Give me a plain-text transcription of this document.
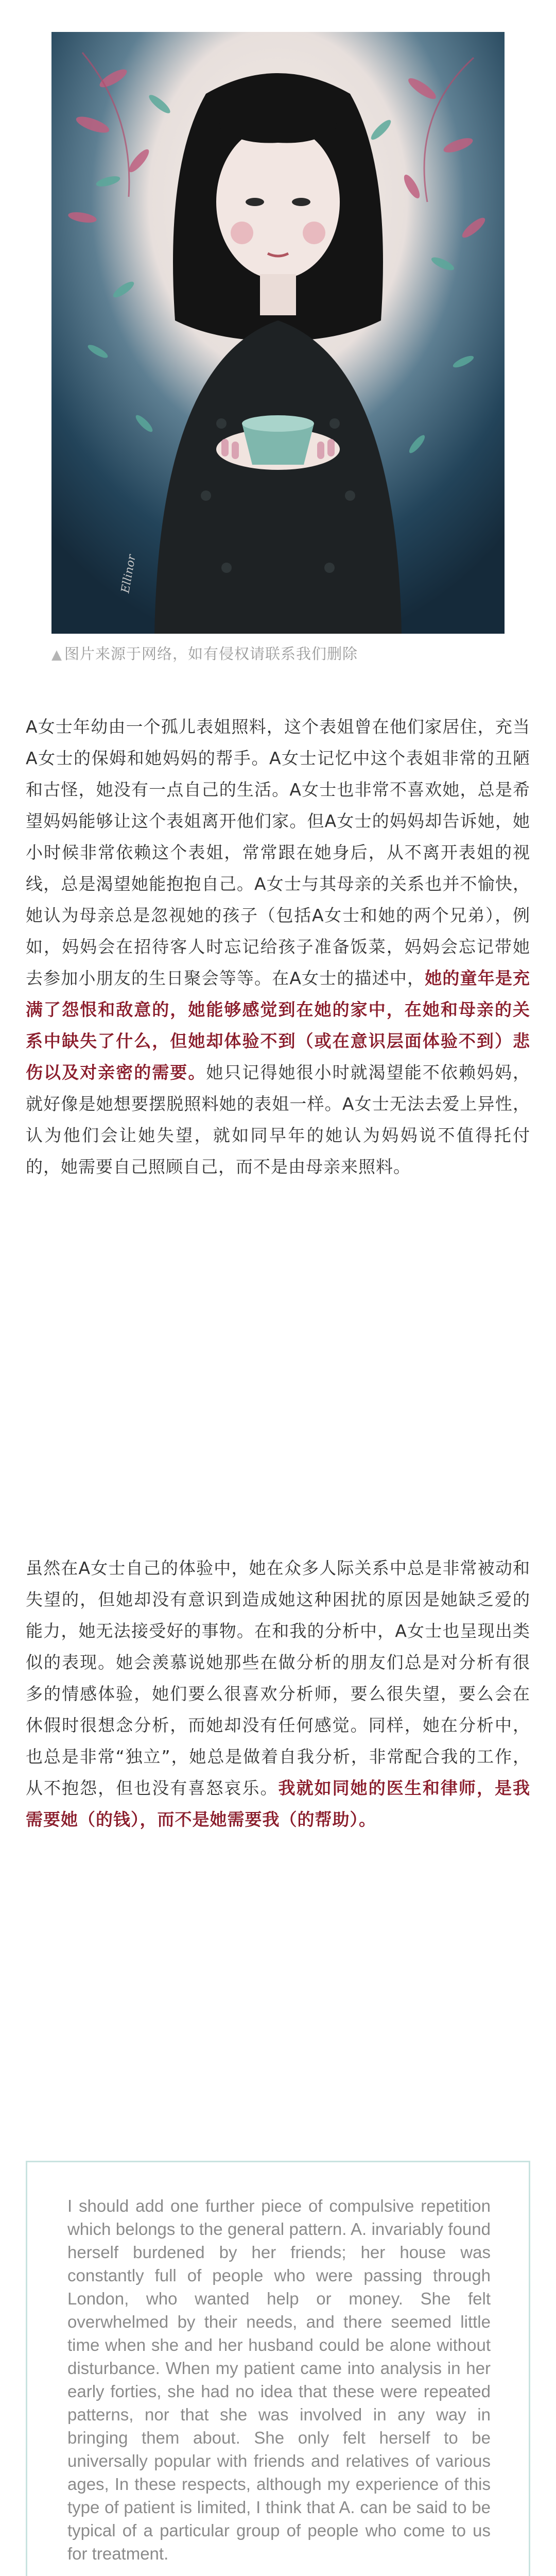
Ellinor
▲ 图片来源于网络，如有侵权请联系我们删除

A女士年幼由一个孤儿表姐照料，这个表姐曾在他们家居住，充当A女士的保姆和她妈妈的帮手。A女士记忆中这个表姐非常的丑陋和古怪，她没有一点自己的生活。A女士也非常不喜欢她，总是希望妈妈能够让这个表姐离开他们家。但A女士的妈妈却告诉她，她小时候非常依赖这个表姐，常常跟在她身后，从不离开表姐的视线，总是渴望她能抱抱自己。A女士与其母亲的关系也并不愉快，她认为母亲总是忽视她的孩子（包括A女士和她的两个兄弟），例如，妈妈会在招待客人时忘记给孩子准备饭菜，妈妈会忘记带她去参加小朋友的生日聚会等等。在A女士的描述中，她的童年是充满了怨恨和敌意的，她能够感觉到在她的家中，在她和母亲的关系中缺失了什么，但她却体验不到（或在意识层面体验不到）悲伤以及对亲密的需要。她只记得她很小时就渴望能不依赖妈妈，就好像是她想要摆脱照料她的表姐一样。A女士无法去爱上异性，认为他们会让她失望，就如同早年的她认为妈妈说不值得托付的，她需要自己照顾自己，而不是由母亲来照料。

虽然在A女士自己的体验中，她在众多人际关系中总是非常被动和失望的，但她却没有意识到造成她这种困扰的原因是她缺乏爱的能力，她无法接受好的事物。在和我的分析中，A女士也呈现出类似的表现。她会羡慕说她那些在做分析的朋友们总是对分析有很多的情感体验，她们要么很喜欢分析师，要么很失望，要么会在休假时很想念分析，而她却没有任何感觉。同样，她在分析中，也总是非常“独立”，她总是做着自我分析，非常配合我的工作，从不抱怨，但也没有喜怒哀乐。我就如同她的医生和律师，是我需要她（的钱），而不是她需要我（的帮助）。

I should add one further piece of compulsive repetition which belongs to the general pattern. A. invariably found herself burdened by her friends; her house was constantly full of people who were passing through London, who wanted help or money. She felt overwhelmed by their needs, and there seemed little time when she and her husband could be alone without disturbance. When my patient came into analysis in her early forties, she had no idea that these were repeated patterns, nor that she was involved in any way in bringing them about. She only felt herself to be universally popular with friends and relatives of various ages, In these respects, although my experience of this type of patient is limited, I think that A. can be said to be typical of a particular group of people who come to us for treatment.
